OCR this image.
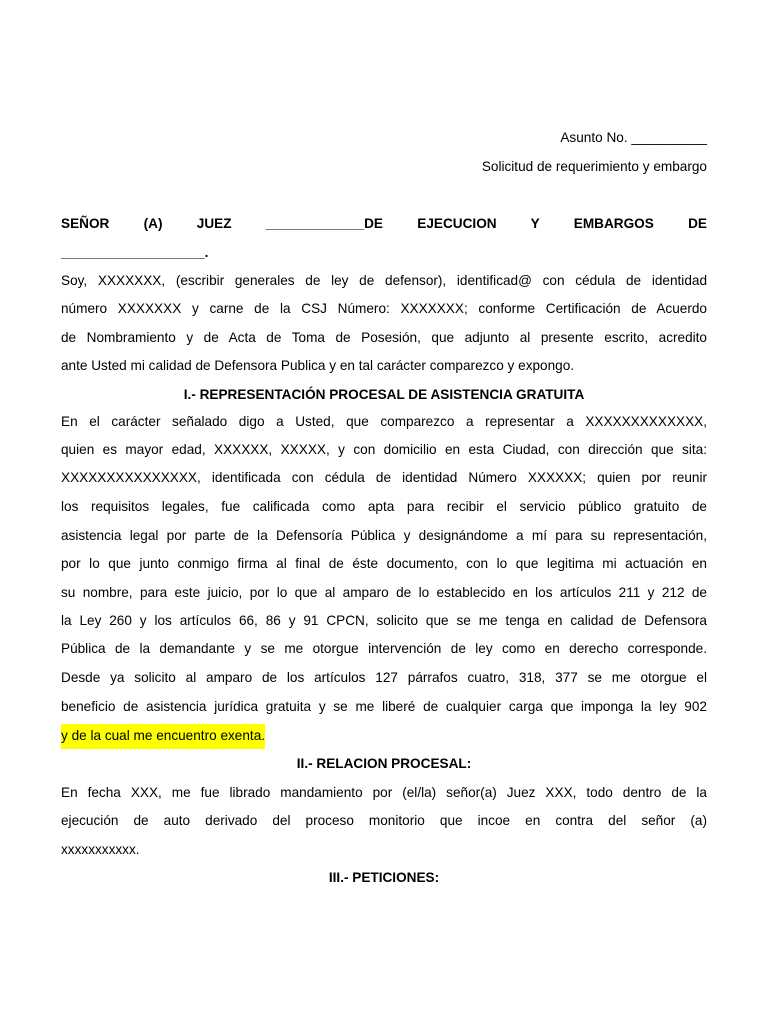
Asunto No. __________
Solicitud de requerimiento y embargo
SEÑOR (A) JUEZ _____________DE EJECUCION Y EMBARGOS DE
___________________.
Soy, XXXXXXX, (escribir generales de ley de defensor), identificad@ con cédula de identidad
número XXXXXXX y carne de la CSJ Número: XXXXXXX; conforme Certificación de Acuerdo
de Nombramiento y de Acta de Toma de Posesión, que adjunto al presente escrito, acredito
ante Usted mi calidad de Defensora Publica y en tal carácter comparezco y expongo.
I.- REPRESENTACIÓN PROCESAL DE ASISTENCIA GRATUITA
En el carácter señalado digo a Usted, que comparezco a representar a XXXXXXXXXXXXX,
quien es mayor edad, XXXXXX, XXXXX, y con domicilio en esta Ciudad, con dirección que sita:
XXXXXXXXXXXXXXX, identificada con cédula de identidad Número XXXXXX; quien por reunir
los requisitos legales, fue calificada como apta para recibir el servicio público gratuito de
asistencia legal por parte de la Defensoría Pública y designándome a mí para su representación,
por lo que junto conmigo firma al final de éste documento, con lo que legitima mi actuación en
su nombre, para este juicio, por lo que al amparo de lo establecido en los artículos 211 y 212 de
la Ley 260 y los artículos 66, 86 y 91 CPCN, solicito que se me tenga en calidad de Defensora
Pública de la demandante y se me otorgue intervención de ley como en derecho corresponde.
Desde ya solicito al amparo de los artículos 127 párrafos cuatro, 318, 377 se me otorgue el
beneficio de asistencia jurídica gratuita y se me liberé de cualquier carga que imponga la ley 902
y de la cual me encuentro exenta.
II.- RELACION PROCESAL:
En fecha XXX, me fue librado mandamiento por (el/la) señor(a) Juez XXX, todo dentro de la
ejecución de auto derivado del proceso monitorio que incoe en contra del señor (a)
xxxxxxxxxxx.
III.- PETICIONES:
